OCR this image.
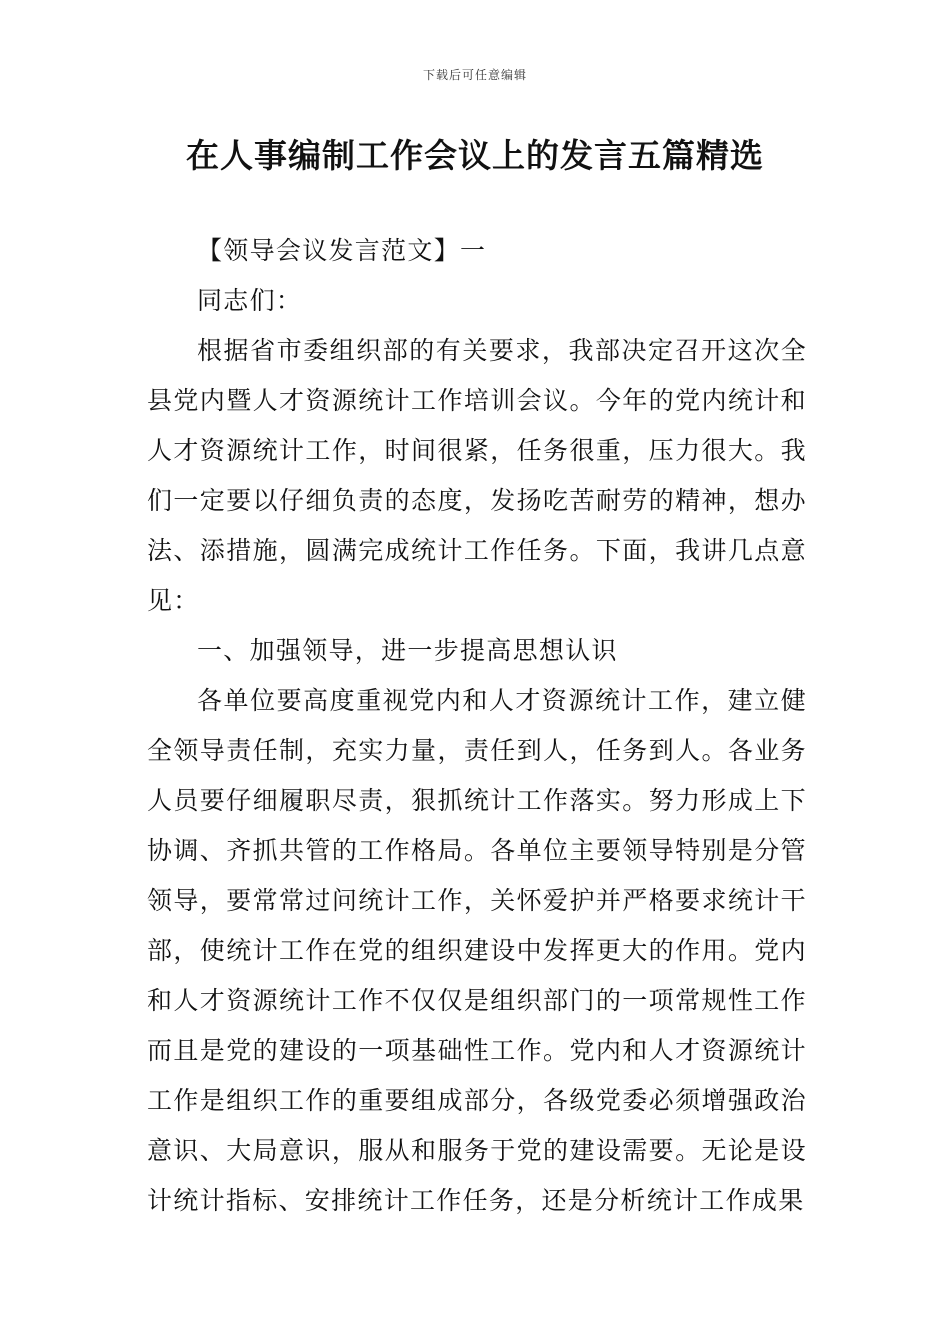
下载后可任意编辑
在人事编制工作会议上的发言五篇精选

【领导会议发言范文】一

同志们：

根据省市委组织部的有关要求，我部决定召开这次全县党内暨人才资源统计工作培训会议。今年的党内统计和人才资源统计工作，时间很紧，任务很重，压力很大。我们一定要以仔细负责的态度，发扬吃苦耐劳的精神，想办法、添措施，圆满完成统计工作任务。下面，我讲几点意见：

一、加强领导，进一步提高思想认识

各单位要高度重视党内和人才资源统计工作，建立健全领导责任制，充实力量，责任到人，任务到人。各业务人员要仔细履职尽责，狠抓统计工作落实。努力形成上下协调、齐抓共管的工作格局。各单位主要领导特别是分管领导，要常常过问统计工作，关怀爱护并严格要求统计干部，使统计工作在党的组织建设中发挥更大的作用。党内和人才资源统计工作不仅仅是组织部门的一项常规性工作而且是党的建设的一项基础性工作。党内和人才资源统计工作是组织工作的重要组成部分，各级党委必须增强政治意识、大局意识，服从和服务于党的建设需要。无论是设计统计指标、安排统计工作任务，还是分析统计工作成果
